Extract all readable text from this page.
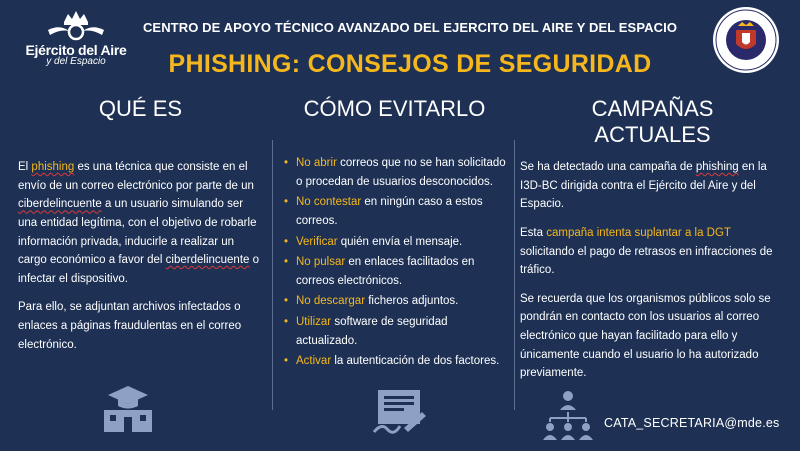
Ejército del Aire
y del Espacio
CENTRO DE APOYO TÉCNICO AVANZADO DEL EJERCITO DEL AIRE Y DEL ESPACIO
PHISHING: CONSEJOS DE SEGURIDAD
QUÉ ES

El phishing es una técnica que consiste en el envío de un correo electrónico por parte de un ciberdelincuente a un usuario simulando ser una entidad legítima, con el objetivo de robarle información privada, inducirle a realizar un cargo económico a favor del ciberdelincuente o infectar el dispositivo.

Para ello, se adjuntan archivos infectados o enlaces a páginas fraudulentas en el correo electrónico.

CÓMO EVITARLO
• No abrir correos que no se han solicitado o procedan de usuarios desconocidos.
• No contestar en ningún caso a estos correos.
• Verificar quién envía el mensaje.
• No pulsar en enlaces facilitados en correos electrónicos.
• No descargar ficheros adjuntos.
• Utilizar software de seguridad actualizado.
• Activar la autenticación de dos factores.
CAMPAÑAS ACTUALES

Se ha detectado una campaña de phishing en la I3D-BC dirigida contra el Ejército del Aire y del Espacio.

Esta campaña intenta suplantar a la DGT solicitando el pago de retrasos en infracciones de tráfico.

Se recuerda que los organismos públicos solo se pondrán en contacto con los usuarios al correo electrónico que hayan facilitado para ello y únicamente cuando el usuario lo ha autorizado previamente.

CATA_SECRETARIA@mde.es
